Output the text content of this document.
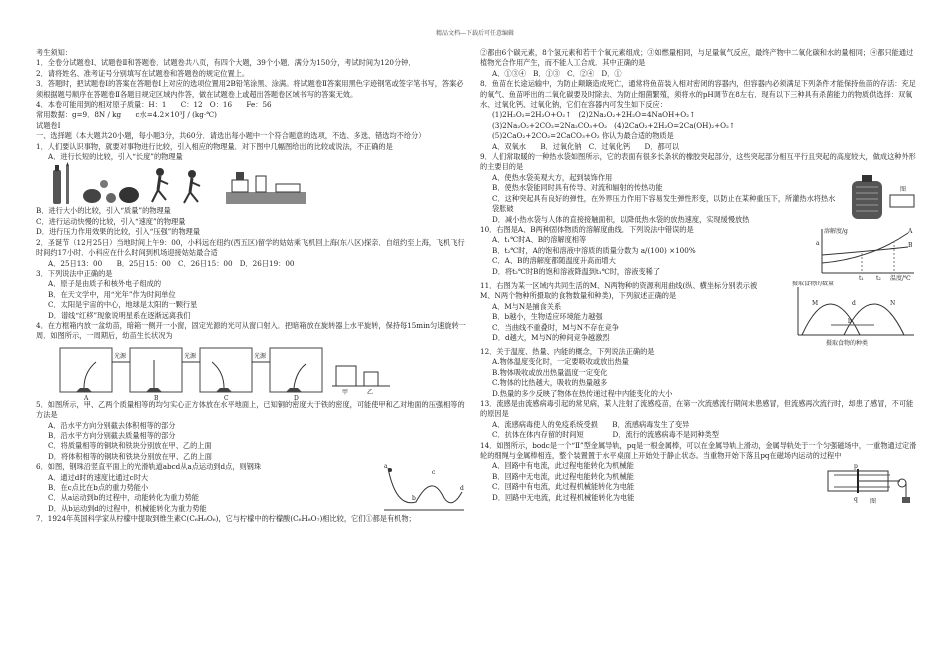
精品文档---下载后可任意编辑
考生须知：
1．全卷分试题卷Ⅰ、试题卷Ⅱ和答题卷．试题卷共八页，有四个大题，39个小题．满分为150分，考试时间为120分钟．
2．请将姓名、准考证号分别填写在试题卷和答题卷的规定位置上。
3．答题时，把试题卷Ⅰ的答案在答题卷Ⅰ上对应的选项位置用2B铅笔涂黑、涂满。将试题卷Ⅱ答案用黑色字迹钢笔或签字笔书写，答案必须根据题号顺序在答题卷Ⅱ各题目规定区域内作答，做在试题卷上或超出答题卷区域书写的答案无效。
4．本卷可能用到的相对原子质量：H：1　　C：12　O：16　　Fe：56
常用数据：g=9．8N / kg　　c水=4.2×10³J / (kg·℃)
试题卷Ⅰ
一、选择题（本大题共20小题，每小题3分，共60分．请选出每小题中一个符合题意的选项，不选、多选、错选均不给分）
1．人们要认识事物，就要对事物进行比较，引入相应的物理量．对下图中几幅图给出的比较或说法，不正确的是
A．进行长短的比较，引入“长度”的物理量
B．进行大小的比较，引入“质量”的物理量
C．进行运动快慢的比较，引入“速度”的物理量
D．进行压力作用效果的比较，引入“压强”的物理量
2．圣诞节（12月25日）当地时间上午9：00，小科远在纽约(西五区)留学的姑姑乘飞机回上海(东八区)探亲．自纽约至上海，飞机飞行时间约17小时．小科应在什么时间到机场迎接姑姑最合适
A．25日13：00　　B．25日15：00　C．26日15：00　D．26日19：00
3．下列说法中正确的是
A．原子是由质子和核外电子组成的
B．在天文学中，用“光年”作为时间单位
C．太阳是宇宙的中心，地球是太阳的一颗行星
D．谱线“红移”现象说明星系在逐渐远离我们
4．在方框箱内放一盆幼苗，暗箱一侧开一小窗，固定光源的光可从窗口射入．把暗箱放在旋转器上水平旋转，保持每15min匀速旋转一周．如图所示，一周期后，幼苗生长状况为
光源	光源	光源
A	B	C	D
甲	乙
5．如图所示，甲、乙两个质量相等的均匀实心正方体放在水平地面上，已知铜的密度大于铁的密度，可能使甲和乙对地面的压强相等的方法是
A．沿水平方向分别截去体积相等的部分
B．沿水平方向分别截去质量相等的部分
C．将质量相等的铜块和铁块分别放在甲、乙的上面
D．将体积相等的铜块和铁块分别放在甲、乙的上面
6．如图，钢珠沿竖直平面上的光滑轨道abcd从a点运动到d点，则钢珠
A．通过d时的速度比通过c时大
B．在c点比在b点的重力势能小
C．从a运动到b的过程中，动能转化为重力势能
D．从b运动到d的过程中，机械能转化为重力势能
a
b
c
d
7．1924年英国科学家从柠檬中提取到维生素C(C₆H₈O₆)，它与柠檬中的柠檬酸(C₆H₈O₇)相比较，它们①都是有机物；
②都由6个碳元素，8个氢元素和若干个氧元素组成；③如燃量相同，与足量氧气反应，最终产物中二氧化碳和水的量相同；④都只能通过植物光合作用产生，而不能人工合成．其中正确的是
A．①③④　B．①③　C．②④　D．①
8．鱼苗在长途运输中，为防止颠簸造成死亡，通常将鱼苗装入相对密闭的容器内，但容器内必须满足下列条件才能保持鱼苗的存活：充足的氧气、鱼苗呼出的二氧化碳要及时除去、为防止细菌繁殖，须将水的pH调节在8左右．现有以下三种具有杀菌能力的物质供选择：双氧水、过氧化钙、过氧化钠，它们在容器内可发生如下反应：
(1)2H₂O₂=2H₂O+O₂↑　(2)2Na₂O₂+2H₂O=4NaOH+O₂↑
(3)2Na₂O₂+2CO₂=2Na₂CO₃+O₂　(4)2CaO₂+2H₂O=2Ca(OH)₂+O₂↑
(5)2CaO₂+2CO₂=2CaCO₃+O₂ 你认为最合适的物质是
A．双氧水　　B．过氧化钠　C．过氧化钙　　D．都可以
9．人们常取暖的一种热水袋如图所示，它的表面有很多长条状的橡胶突起部分，这些突起部分相互平行且突起的高度较大，做成这种外形的主要目的是
A．使热水袋美观大方，起到装饰作用
B．使热水袋能同时具有传导、对流和辐射的传热功能
C．这种突起具有良好的弹性，在外界压力作用下容易发生弹性形变，以防止在某种重压下，所灌热水将热水袋胀破
D．减小热水袋与人体的直接接触面积，以降低热水袋的放热速度，实现缓慢放热
图
10．右图是A、B两种固体物质的溶解度曲线．下列说法中错误的是
A．t₁℃时A、B的溶解度相等
B．t₂℃时，A的饱和溶液中溶质的质量分数为 a/(100) ×100%
C．A、B的溶解度都随温度升高而增大
D．将t₂℃时B的饱和溶液降温到t₁℃时，溶液变稀了
溶解度/g
温度/℃
A
B
t₁ t₂
a
11．右图为某一区域内共同生活的M、N两物种的资源利用曲线(纵、横坐标分别表示被M、N两个物种所摄取的食物数量和种类)，下列叙述正确的是
A．M与N是捕食关系
B．b越小，生物适应环境能力越强
C．当曲线不重叠时，M与N不存在竞争
D．d越大，M与N的种间竞争越激烈
摄取食物的数量
摄取食物的种类
M	N
b
d
12．关于温度、热量、内能的概念，下列说法正确的是
A.物体温度变化时，一定要吸收或放出热量
B.物体吸收或放出热量温度一定变化
C.物体的比热越大，吸收的热量越多
D.热量的多少反映了物体在热传递过程中内能变化的大小
13．流感是由流感病毒引起的常见病，某人注射了流感疫苗，在第一次流感流行期间未患感冒，但流感再次流行时，却患了感冒，不可能的原因是
A．流感病毒使人的免疫系统受损　　B．流感病毒发生了变异
C．抗体在体内存留的时间短　　　　D．流行的流感病毒不是同种类型
14．如图所示，bodc是一个“Ⅱ”型金属导轨，pq是一根金属棒，可以在金属导轨上滑动，金属导轨处于一个匀强磁场中，一重物通过定滑轮的细绳与金属棒相连，整个装置置于水平桌面上开始处于静止状态。当重物开始下落且pq在磁场内运动的过程中
A．回路中有电流，此过程电能转化为机械能
B．回路中无电流，此过程电能转化为机械能
C．回路中有电流，此过程机械能转化为电能
D．回路中无电流，此过程机械能转化为电能
p
q 图
